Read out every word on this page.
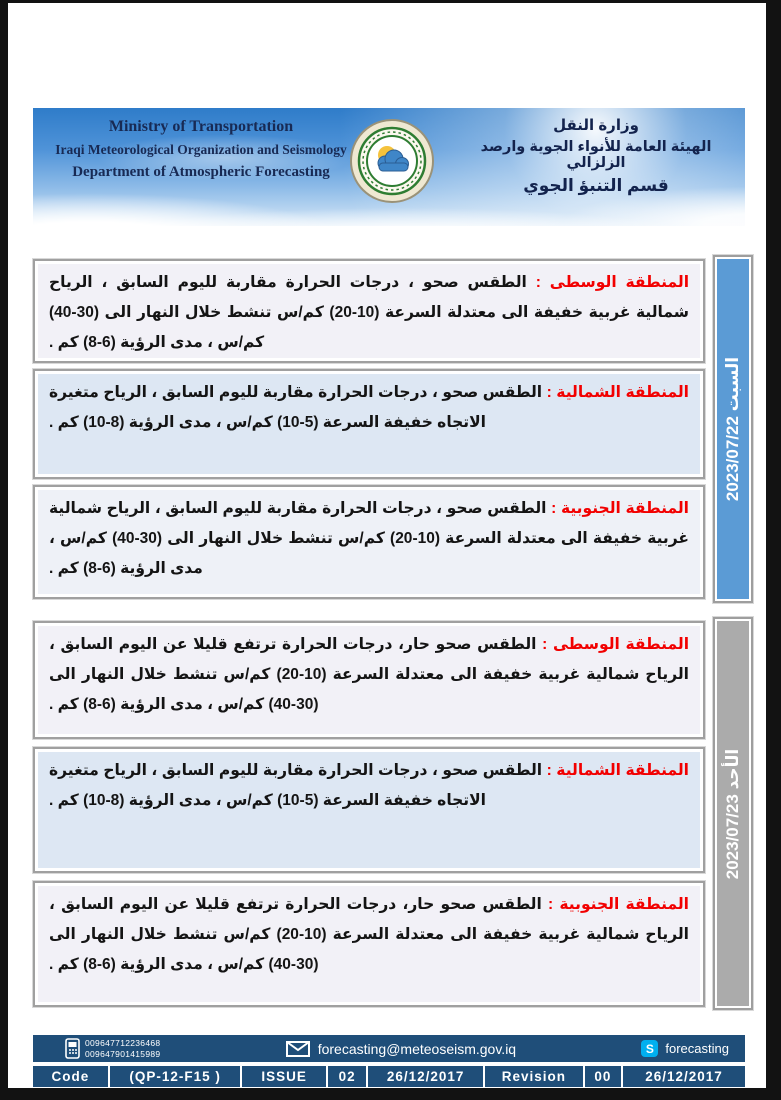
Ministry of Transportation
Iraqi Meteorological Organization and Seismology
Department of Atmospheric Forecasting
وزارة النقل
الهيئة العامة للأنواء الجوية وارصد الزلزالي
قسم التنبؤ الجوي
المنطقة الوسطى : الطقس صحو ، درجات الحرارة مقاربة لليوم السابق ، الرياح شمالية غربية خفيفة الى معتدلة السرعة (10-20) كم/س تنشط خلال النهار الى (30-40) كم/س ، مدى الرؤية (6-8) كم .
المنطقة الشمالية : الطقس صحو ، درجات الحرارة مقاربة لليوم السابق ، الرياح متغيرة الاتجاه خفيفة السرعة (5-10) كم/س ، مدى الرؤية (8-10) كم .
المنطقة الجنوبية : الطقس صحو ، درجات الحرارة مقاربة لليوم السابق ، الرياح شمالية غربية خفيفة الى معتدلة السرعة (10-20) كم/س تنشط خلال النهار الى (30-40) كم/س ، مدى الرؤية (6-8) كم .
السبت 2023/07/22
المنطقة الوسطى : الطقس صحو حار، درجات الحرارة ترتفع قليلا عن اليوم السابق ، الرياح شمالية غربية خفيفة الى معتدلة السرعة (10-20) كم/س تنشط خلال النهار الى (30-40) كم/س ، مدى الرؤية (6-8) كم .
المنطقة الشمالية : الطقس صحو ، درجات الحرارة مقاربة لليوم السابق ، الرياح متغيرة الاتجاه خفيفة السرعة (5-10) كم/س ، مدى الرؤية (8-10) كم .
المنطقة الجنوبية : الطقس صحو حار، درجات الحرارة ترتفع قليلا عن اليوم السابق ، الرياح شمالية غربية خفيفة الى معتدلة السرعة (10-20) كم/س تنشط خلال النهار الى (30-40) كم/س ، مدى الرؤية (6-8) كم .
الأحد 2023/07/23
009647712236468
009647901415989	forecasting@meteoseism.gov.iq	S forecasting
Code	(QP-12-F15 )	ISSUE	02	26/12/2017	Revision	00	26/12/2017
